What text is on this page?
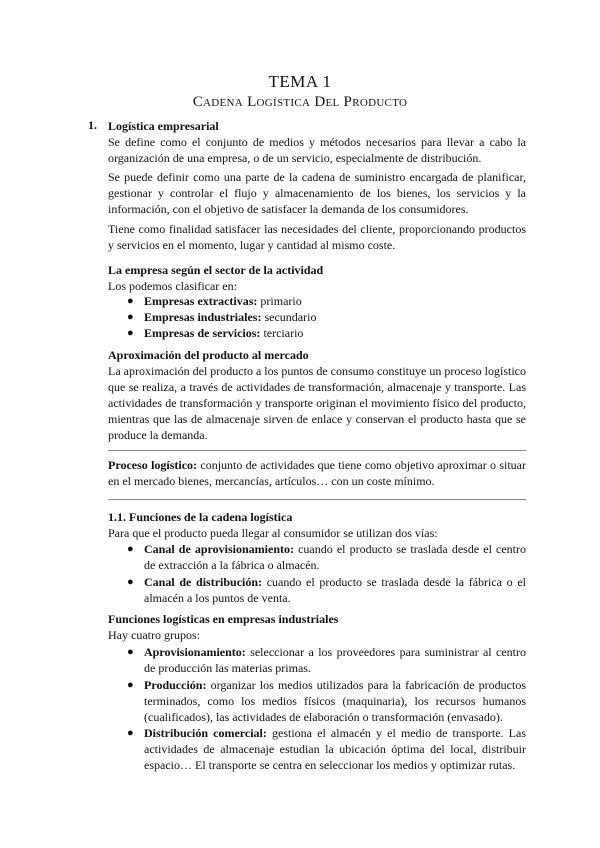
TEMA 1
Cadena Logística Del Producto
1. Logística empresarial
Se define como el conjunto de medios y métodos necesarios para llevar a cabo la organización de una empresa, o de un servicio, especialmente de distribución.
Se puede definir como una parte de la cadena de suministro encargada de planificar, gestionar y controlar el flujo y almacenamiento de los bienes, los servicios y la información, con el objetivo de satisfacer la demanda de los consumidores.
Tiene como finalidad satisfacer las necesidades del cliente, proporcionando productos y servicios en el momento, lugar y cantidad al mismo coste.
La empresa según el sector de la actividad
Los podemos clasificar en:
● Empresas extractivas: primario
● Empresas industriales: secundario
● Empresas de servicios: terciario
Aproximación del producto al mercado
La aproximación del producto a los puntos de consumo constituye un proceso logístico que se realiza, a través de actividades de transformación, almacenaje y transporte. Las actividades de transformación y transporte originan el movimiento físico del producto, mientras que las de almacenaje sirven de enlace y conservan el producto hasta que se produce la demanda.
Proceso logístico: conjunto de actividades que tiene como objetivo aproximar o situar en el mercado bienes, mercancías, artículos… con un coste mínimo.
1.1. Funciones de la cadena logística
Para que el producto pueda llegar al consumidor se utilizan dos vías:
● Canal de aprovisionamiento: cuando el producto se traslada desde el centro de extracción a la fábrica o almacén.
● Canal de distribución: cuando el producto se traslada desde la fábrica o el almacén a los puntos de venta.
Funciones logísticas en empresas industriales
Hay cuatro grupos:
● Aprovisionamiento: seleccionar a los proveedores para suministrar al centro de producción las materias primas.
● Producción: organizar los medios utilizados para la fabricación de productos terminados, como los medios físicos (maquinaria), los recursos humanos (cualificados), las actividades de elaboración o transformación (envasado).
● Distribución comercial: gestiona el almacén y el medio de transporte. Las actividades de almacenaje estudian la ubicación óptima del local, distribuir espacio… El transporte se centra en seleccionar los medios y optimizar rutas.
